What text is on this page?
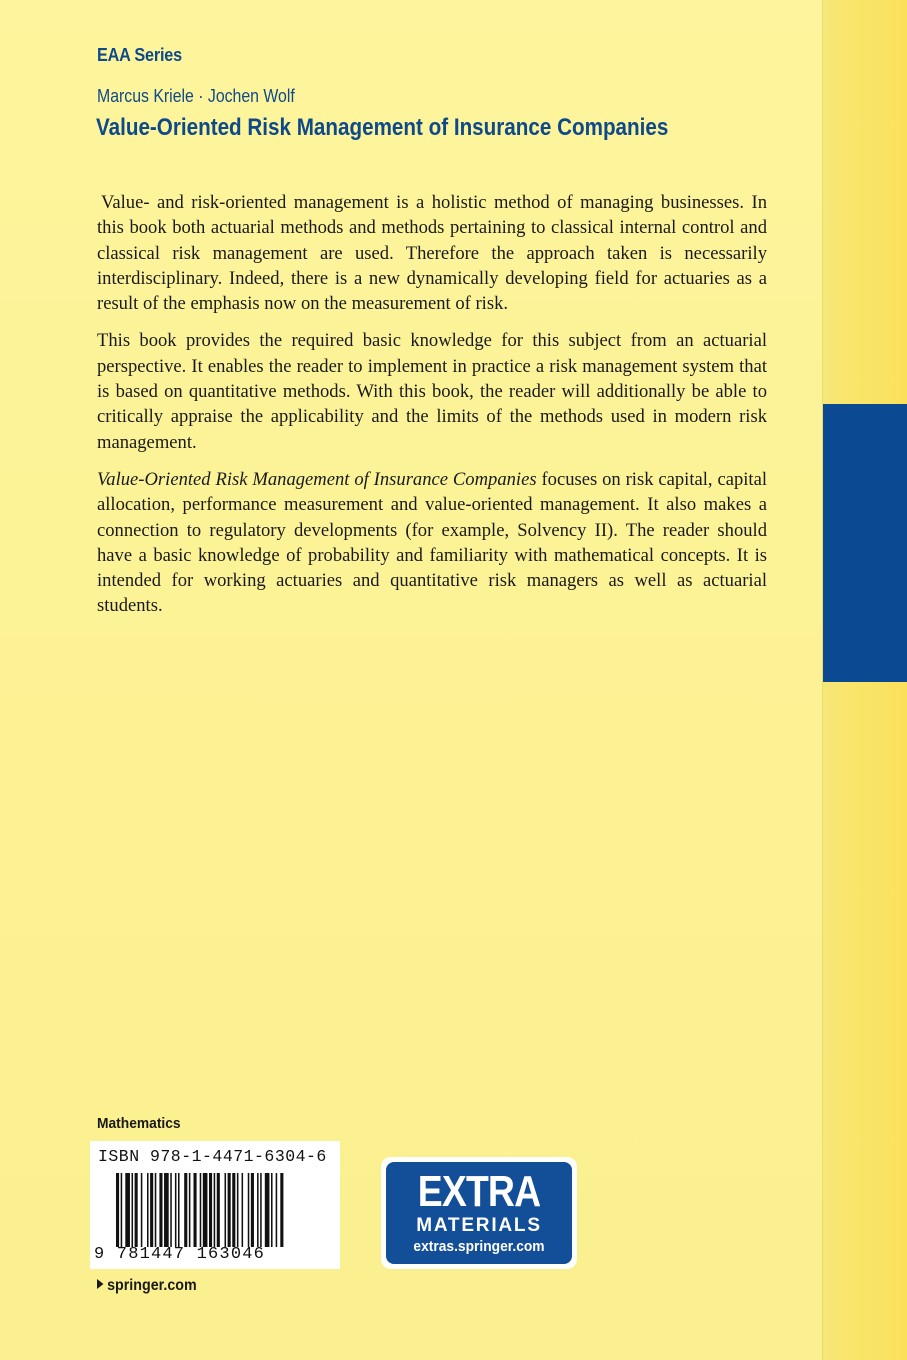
EAA Series
Marcus Kriele · Jochen Wolf
Value-Oriented Risk Management of Insurance Companies

Value- and risk-oriented management is a holistic method of managing businesses. In this book both actuarial methods and methods pertaining to classical internal control and classical risk management are used. Therefore the approach taken is necessarily interdisciplinary. Indeed, there is a new dynamically developing field for actuaries as a result of the emphasis now on the measurement of risk.

This book provides the required basic knowledge for this subject from an actuarial perspective. It enables the reader to implement in practice a risk management system that is based on quantitative methods. With this book, the reader will additionally be able to critically appraise the applicability and the limits of the methods used in modern risk management.

Value-Oriented Risk Management of Insurance Companies focuses on risk capital, capital allocation, performance measurement and value-oriented management. It also makes a connection to regulatory developments (for example, Solvency II). The reader should have a basic knowledge of probability and familiarity with mathematical concepts. It is intended for working actuaries and quantitative risk managers as well as actuarial students.

Mathematics
ISBN 978-1-4471-6304-6
9 781447 163046
EXTRA
MATERIALS
extras.springer.com
springer.com
